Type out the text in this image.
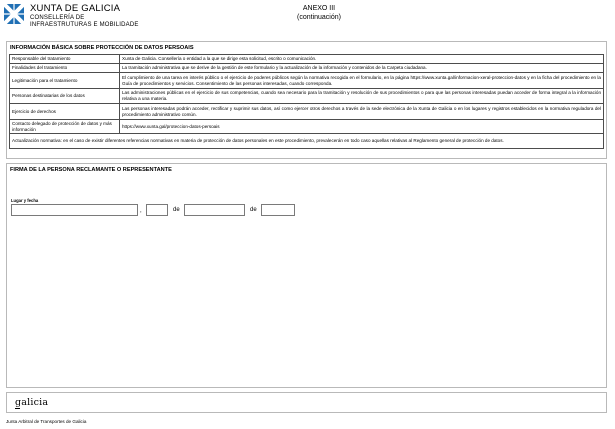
XUNTA DE GALICIA
CONSELLERÍA DE
INFRAESTRUTURAS E MOBILIDADE
ANEXO III
(continuación)
INFORMACIÓN BÁSICA SOBRE PROTECCIÓN DE DATOS PERSOAIS
Responsable del tratamiento	Xunta de Galicia. Consellería o entidad a la que se dirige esta solicitud, escrito o comunicación.
Finalidades del tratamiento	La tramitación administrativa que se derive de la gestión de este formulario y la actualización de la información y contenidos de la Carpeta ciudadana.
Legitimación para el tratamiento	El cumplimiento de una tarea en interés público o el ejercicio de poderes públicos según la normativa recogida en el formulario, en la página https://www.xunta.gal/informacion-xeral-proteccion-datos y en la ficha del procedimiento en la Guía de procedimientos y servicios. Consentimiento de las personas interesadas, cuando corresponda.
Personas destinatarias de los datos	Las administraciones públicas en el ejercicio de sus competencias, cuando sea necesario para la tramitación y resolución de sus procedimientos o para que las personas interesadas puedan acceder de forma integral a la información relativa a una materia.
Ejercicio de derechos	Las personas interesadas podrán acceder, rectificar y suprimir sus datos, así como ejercer otros derechos a través de la sede electrónica de la Xunta de Galicia o en los lugares y registros establecidos en la normativa reguladora del procedimiento administrativo común.
Contacto delegado de protección de datos y más información	https://www.xunta.gal/proteccion-datos-persoais
Actualización normativa: en el caso de existir diferentes referencias normativas en materia de protección de datos personales en este procedimiento, prevalecerán en todo caso aquellas relativas al Reglamento general de protección de datos.	
FIRMA DE LA PERSONA RECLAMANTE O REPRESENTANTE
Lugar y fecha
,	de	de
galicia
Junta Arbitral de Transportes de Galicia
